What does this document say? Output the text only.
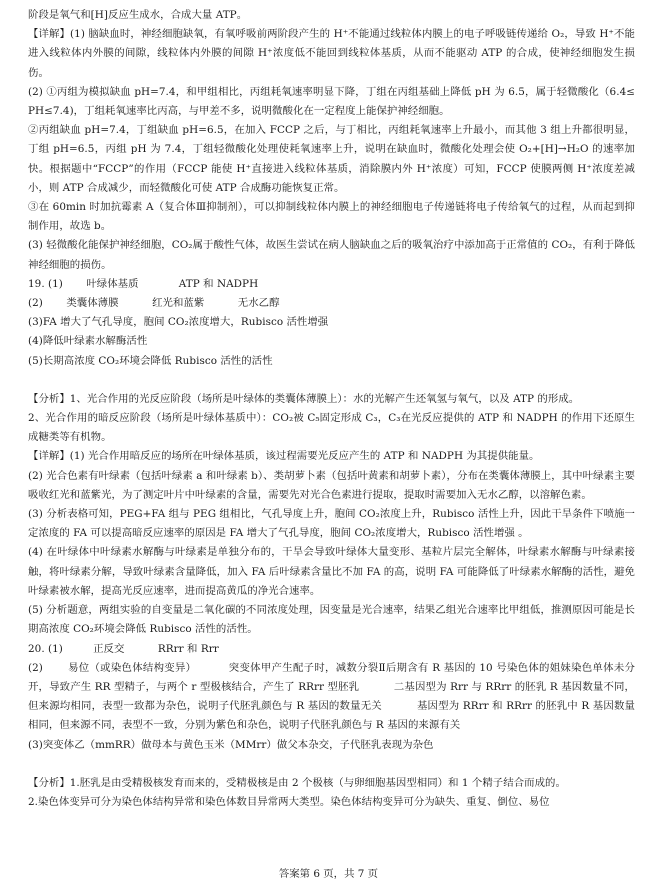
阶段是氧气和[H]反应生成水，合成大量 ATP。

【详解】(1) 脑缺血时，神经细胞缺氧，有氧呼吸前两阶段产生的 H⁺不能通过线粒体内膜上的电子呼吸链传递给 O₂，导致 H⁺不能进入线粒体内外膜的间隙，线粒体内外膜的间隙 H⁺浓度低不能回到线粒体基质，从而不能驱动 ATP 的合成，使神经细胞发生损伤。

(2) ①丙组为模拟缺血 pH=7.4，和甲组相比，丙组耗氧速率明显下降，丁组在丙组基础上降低 pH 为 6.5，属于轻微酸化（6.4≤PH≤7.4)，丁组耗氧速率比丙高，与甲差不多，说明微酸化在一定程度上能保护神经细胞。

②丙组缺血 pH=7.4，丁组缺血 pH=6.5，在加入 FCCP 之后，与丁相比，丙组耗氧速率上升最小，而其他 3 组上升都很明显，丁组 pH=6.5，丙组 pH 为 7.4，丁组轻微酸化处理使耗氧速率上升，说明在缺血时，微酸化处理会使 O₂+[H]→H₂O 的速率加快。根据题中“FCCP”的作用（FCCP 能使 H⁺直接进入线粒体基质，消除膜内外 H⁺浓度）可知，FCCP 使膜两侧 H⁺浓度差减小，则 ATP 合成减少，而轻微酸化可使 ATP 合成酶功能恢复正常。

③在 60min 时加抗霉素 A（复合体Ⅲ抑制剂），可以抑制线粒体内膜上的神经细胞电子传递链将电子传给氧气的过程，从而起到抑制作用，故选 b。

(3) 轻微酸化能保护神经细胞，CO₂属于酸性气体，故医生尝试在病人脑缺血之后的吸氧治疗中添加高于正常值的 CO₂，有利于降低神经细胞的损伤。

19. (1)       叶绿体基质            ATP 和 NADPH

(2)       类囊体薄膜          红光和蓝紫          无水乙醇

(3)FA 增大了气孔导度，胞间 CO₂浓度增大，Rubisco 活性增强

(4)降低叶绿素水解酶活性

(5)长期高浓度 CO₂环境会降低 Rubisco 活性的活性

【分析】1、光合作用的光反应阶段（场所是叶绿体的类囊体薄膜上）：水的光解产生还氧氢与氧气，以及 ATP 的形成。

2、光合作用的暗反应阶段（场所是叶绿体基质中）：CO₂被 C₅固定形成 C₃，C₃在光反应提供的 ATP 和 NADPH 的作用下还原生成糖类等有机物。

【详解】(1) 光合作用暗反应的场所在叶绿体基质，该过程需要光反应产生的 ATP 和 NADPH 为其提供能量。

(2) 光合色素有叶绿素（包括叶绿素 a 和叶绿素 b）、类胡萝卜素（包括叶黄素和胡萝卜素），分布在类囊体薄膜上，其中叶绿素主要吸收红光和蓝紫光，为了测定叶片中叶绿素的含量，需要先对光合色素进行提取，提取时需要加入无水乙醇，以溶解色素。

(3) 分析表格可知，PEG+FA 组与 PEG 组相比，气孔导度上升，胞间 CO₂浓度上升，Rubisco 活性上升，因此干旱条件下喷施一定浓度的 FA 可以提高暗反应速率的原因是 FA 增大了气孔导度，胞间 CO₂浓度增大，Rubisco 活性增强 。

(4) 在叶绿体中叶绿素水解酶与叶绿素是单独分布的，干旱会导致叶绿体大量变形、基粒片层完全解体，叶绿素水解酶与叶绿素接触，将叶绿素分解，导致叶绿素含量降低，加入 FA 后叶绿素含量比不加 FA 的高，说明 FA 可能降低了叶绿素水解酶的活性，避免叶绿素被水解，提高光反应速率，进而提高黄瓜的净光合速率。

(5) 分析题意，两组实验的自变量是二氧化碳的不同浓度处理，因变量是光合速率，结果乙组光合速率比甲组低，推测原因可能是长期高浓度 CO₂环境会降低 Rubisco 活性的活性。

20. (1)         正反交          RRrr 和 Rrr

(2)       易位（或染色体结构变异）         突变体甲产生配子时，减数分裂Ⅱ后期含有 R 基因的 10 号染色体的姐妹染色单体未分开，导致产生 RR 型精子，与两个 r 型极核结合，产生了 RRrr 型胚乳          二基因型为 Rrr 与 RRrr 的胚乳 R 基因数量不同，但来源均相同，表型一致都为杂色，说明子代胚乳颜色与 R 基因的数量无关          基因型为 RRrr 和 RRrr 的胚乳中 R 基因数量相同，但来源不同，表型不一致，分别为紫色和杂色，说明子代胚乳颜色与 R 基因的来源有关

(3)突变体乙（mmRR）做母本与黄色玉米（MMrr）做父本杂交，子代胚乳表现为杂色

【分析】1.胚乳是由受精极核发育而来的，受精极核是由 2 个极核（与卵细胞基因型相同）和 1 个精子结合而成的。

2.染色体变异可分为染色体结构异常和染色体数目异常两大类型。染色体结构变异可分为缺失、重复、倒位、易位

答案第 6 页，共 7 页
